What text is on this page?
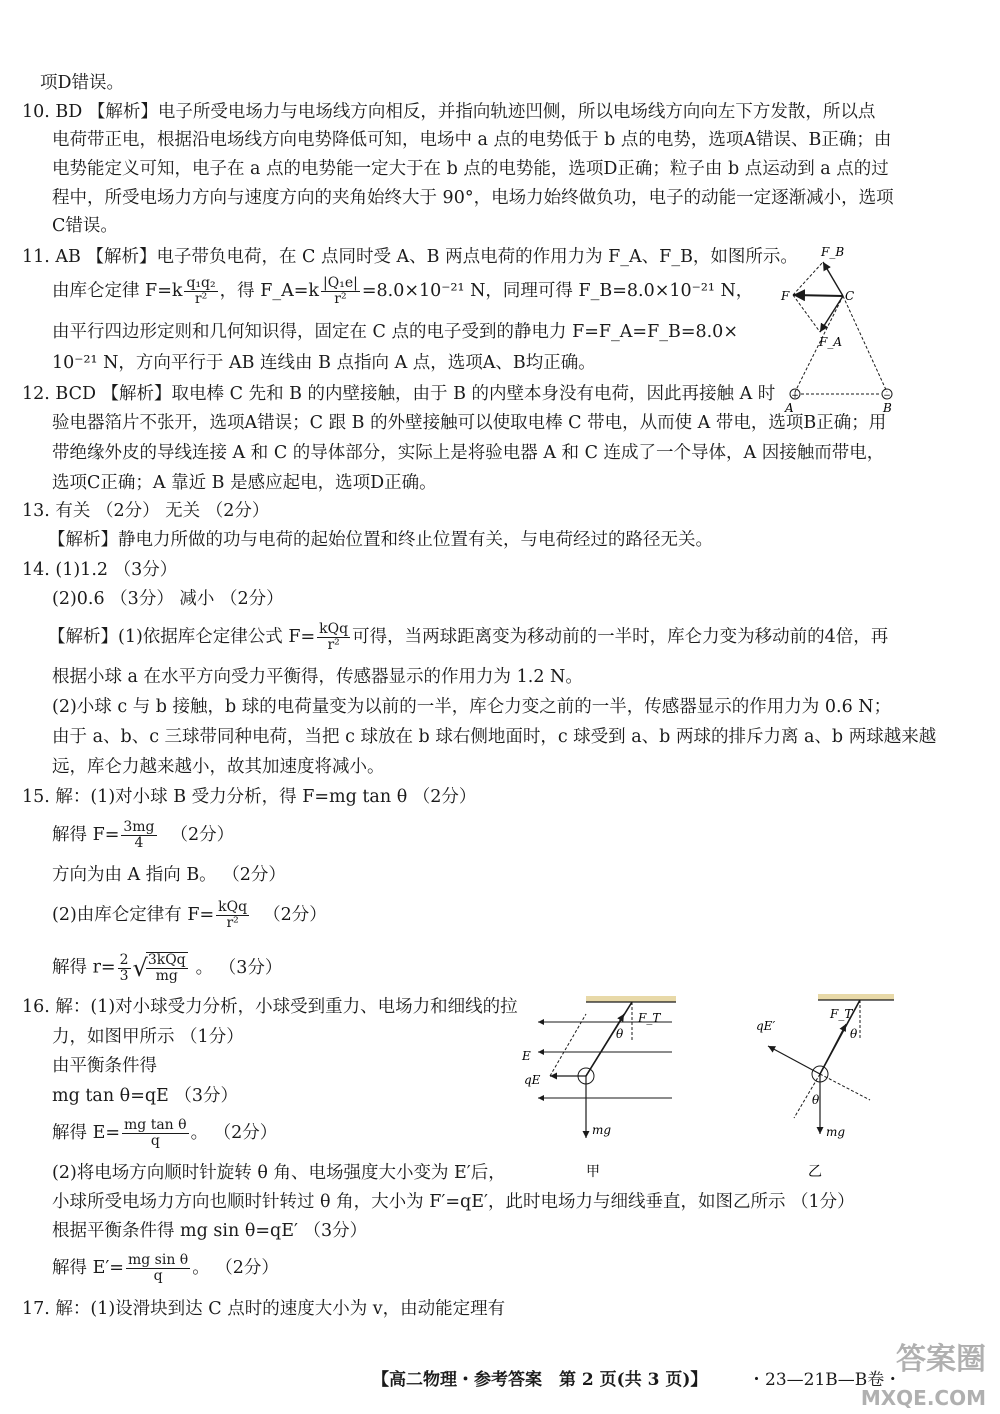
项D错误。
10. BD 【解析】电子所受电场力与电场线方向相反，并指向轨迹凹侧，所以电场线方向向左下方发散，所以点
电荷带正电，根据沿电场线方向电势降低可知，电场中 a 点的电势低于 b 点的电势，选项A错误、B正确；由
电势能定义可知，电子在 a 点的电势能一定大于在 b 点的电势能，选项D正确；粒子由 b 点运动到 a 点的过
程中，所受电场力方向与速度方向的夹角始终大于 90°，电场力始终做负功，电子的动能一定逐渐减小，选项
C错误。
11. AB 【解析】电子带负电荷，在 C 点同时受 A、B 两点电荷的作用力为 F_A、F_B，如图所示。
由库仑定律 $F=k \frac{\text{q₁q₂}}{\text{r²}}$ ，得 F_A=k $\frac{\text{|Q₁e|}}{\text{r²}} =8.0\times 10^{-21}$ N，同理可得 F_B=8.0×10⁻²¹ N，
由平行四边形定则和几何知识得，固定在 C 点的电子受到的静电力 F=F_A=F_B=8.0×
10⁻²¹ N，方向平行于 AB 连线由 B 点指向 A 点，选项A、B均正确。
12. BCD 【解析】取电棒 C 先和 B 的内壁接触，由于 B 的内壁本身没有电荷，因此再接触 A 时
验电器箔片不张开，选项A错误；C 跟 B 的外壁接触可以使取电棒 C 带电，从而使 A 带电，选项B正确；用
带绝缘外皮的导线连接 A 和 C 的导体部分，实际上是将验电器 A 和 C 连成了一个导体，A 因接触而带电，
选项C正确；A 靠近 B 是感应起电，选项D正确。
13. 有关 （2分） 无关 （2分）
【解析】静电力所做的功与电荷的起始位置和终止位置有关，与电荷经过的路径无关。
14. (1)1.2 （3分）
(2)0.6 （3分） 减小 （2分）
【解析】(1)依据库仑定律公式 $F= \frac{\text{kQq}}{\text{r²}}$ 可得，当两球距离变为移动前的一半时，库仑力变为移动前的4倍，再
根据小球 a 在水平方向受力平衡得，传感器显示的作用力为 1.2 N。
(2)小球 c 与 b 接触，b 球的电荷量变为以前的一半，库仑力变之前的一半，传感器显示的作用力为 0.6 N；
由于 a、b、c 三球带同种电荷，当把 c 球放在 b 球右侧地面时，c 球受到 a、b 两球的排斥力离 a、b 两球越来越
远，库仑力越来越小，故其加速度将减小。
15. 解：(1)对小球 B 受力分析，得 F=mg tan θ （2分）
解得 $F= \frac{3mg}{4} (2$分）
方向为由 A 指向 B。 （2分）
(2)由库仑定律有 $F= \frac{\text{kQq}}{\text{r²}} (2$分）
解得 $r= \frac{2}{3}$ √
$\frac{\text{3kQq}}{mg}$ 。 （3分）
16. 解：(1)对小球受力分析，小球受到重力、电场力和细线的拉
力，如图甲所示 （1分）
由平衡条件得
mg tan θ=qE （3分）
解得 $E= \frac{\text{mg tan θ}}{q}$ 。 （2分）
(2)将电场方向顺时针旋转 θ 角、电场强度大小变为 E′后，
小球所受电场力方向也顺时针转过 θ 角，大小为 F′=qE′，此时电场力与细线垂直，如图乙所示 （1分）
根据平衡条件得 mg sin θ=qE′ （3分）
解得 $E'= \frac{\text{mg sin θ}}{q}$ 。 （2分）
17. 解：(1)设滑块到达 C 点时的速度大小为 v，由动能定理有
+	−
F_B
F	C
F_A
A	B
F_T
θ
E
qE
mg
甲
qE′
F_T
θ
θ
mg
乙
【高二物理・参考答案　第 2 页(共 3 页)】 ・23—21B—B卷・
答案圈
MXQE.COM
